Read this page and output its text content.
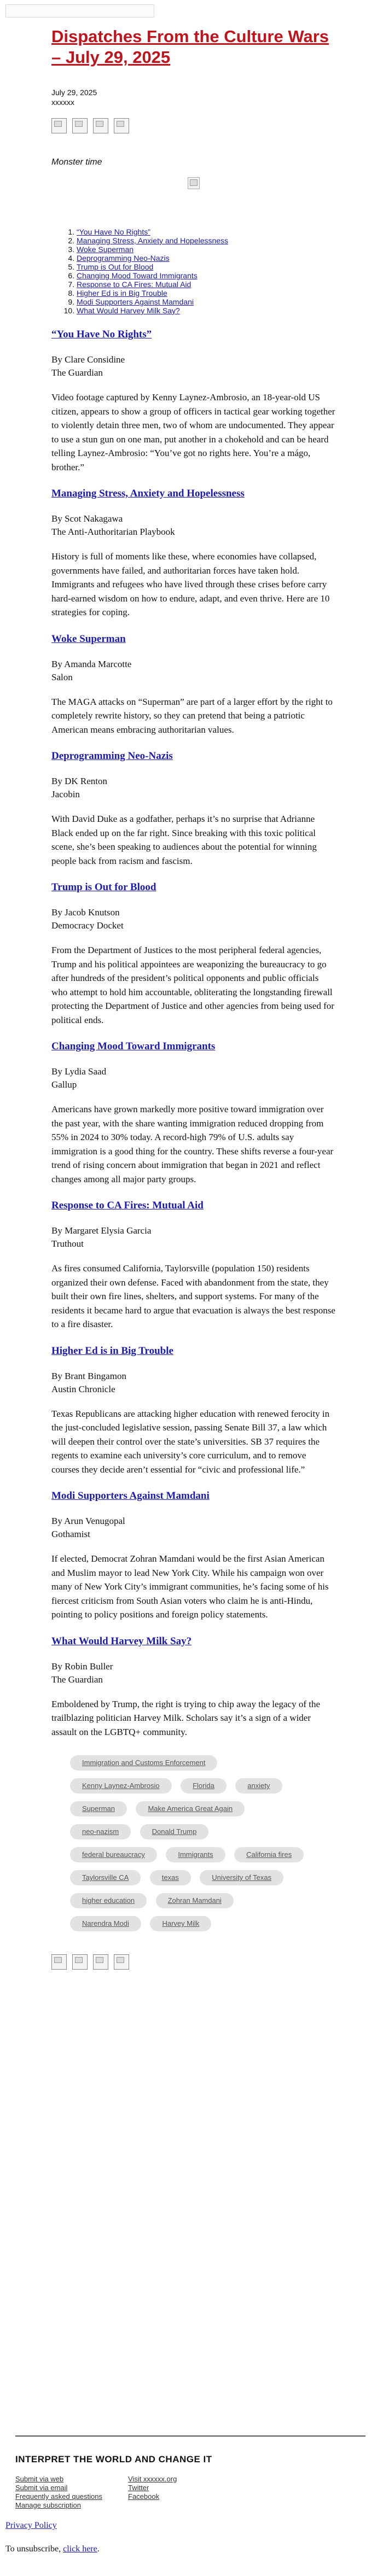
Dispatches From the Culture Wars – July 29, 2025
July 29, 2025
xxxxxx
Monster time
1. “You Have No Rights”
2. Managing Stress, Anxiety and Hopelessness
3. Woke Superman
4. Deprogramming Neo-Nazis
5. Trump is Out for Blood
6. Changing Mood Toward Immigrants
7. Response to CA Fires: Mutual Aid
8. Higher Ed is in Big Trouble
9. Modi Supporters Against Mamdani
10. What Would Harvey Milk Say?
“You Have No Rights”
By Clare Considine
The Guardian
Video footage captured by Kenny Laynez-Ambrosio, an 18-year-old US citizen, appears to show a group of officers in tactical gear working together to violently detain three men, two of whom are undocumented. They appear to use a stun gun on one man, put another in a chokehold and can be heard telling Laynez-Ambrosio: “You’ve got no rights here. You’re a mágo, brother.”
Managing Stress, Anxiety and Hopelessness
By Scot Nakagawa
The Anti-Authoritarian Playbook
History is full of moments like these, where economies have collapsed, governments have failed, and authoritarian forces have taken hold. Immigrants and refugees who have lived through these crises before carry hard-earned wisdom on how to endure, adapt, and even thrive. Here are 10 strategies for coping.
Woke Superman
By Amanda Marcotte
Salon
The MAGA attacks on “Superman” are part of a larger effort by the right to completely rewrite history, so they can pretend that being a patriotic American means embracing authoritarian values.
Deprogramming Neo-Nazis
By DK Renton
Jacobin
With David Duke as a godfather, perhaps it’s no surprise that Adrianne Black ended up on the far right. Since breaking with this toxic political scene, she’s been speaking to audiences about the potential for winning people back from racism and fascism.
Trump is Out for Blood
By Jacob Knutson
Democracy Docket
From the Department of Justices to the most peripheral federal agencies, Trump and his political appointees are weaponizing the bureaucracy to go after hundreds of the president’s political opponents and public officials who attempt to hold him accountable, obliterating the longstanding firewall protecting the Department of Justice and other agencies from being used for political ends.
Changing Mood Toward Immigrants
By Lydia Saad
Gallup
Americans have grown markedly more positive toward immigration over the past year, with the share wanting immigration reduced dropping from 55% in 2024 to 30% today. A record-high 79% of U.S. adults say immigration is a good thing for the country. These shifts reverse a four-year trend of rising concern about immigration that began in 2021 and reflect changes among all major party groups.
Response to CA Fires: Mutual Aid
By Margaret Elysia Garcia
Truthout
As fires consumed California, Taylorsville (population 150) residents organized their own defense. Faced with abandonment from the state, they built their own fire lines, shelters, and support systems. For many of the residents it became hard to argue that evacuation is always the best response to a fire disaster.
Higher Ed is in Big Trouble
By Brant Bingamon
Austin Chronicle
Texas Republicans are attacking higher education with renewed ferocity in the just-concluded legislative session, passing Senate Bill 37, a law which will deepen their control over the state’s universities. SB 37 requires the regents to examine each university’s core curriculum, and to remove courses they decide aren’t essential for “civic and professional life.”
Modi Supporters Against Mamdani
By Arun Venugopal
Gothamist
If elected, Democrat Zohran Mamdani would be the first Asian American and Muslim mayor to lead New York City. While his campaign won over many of New York City’s immigrant communities, he’s facing some of his fiercest criticism from South Asian voters who claim he is anti-Hindu, pointing to policy positions and foreign policy statements.
What Would Harvey Milk Say?
By Robin Buller
The Guardian
Emboldened by Trump, the right is trying to chip away the legacy of the trailblazing politician Harvey Milk. Scholars say it’s a sign of a wider assault on the LGBTQ+ community.
Immigration and Customs Enforcement Kenny Laynez-Ambrosio	Florida	anxiety Superman	Make America Great Again neo-nazism	Donald Trump federal bureaucracy	Immigrants	California fires Taylorsville CA	texas	University of Texas higher education	Zohran Mamdani Narendra Modi	Harvey Milk
INTERPRET THE WORLD AND CHANGE IT
Submit via web
Submit via email
Frequently asked questions
Manage subscription
Visit xxxxxx.org
Twitter
Facebook
Privacy Policy
To unsubscribe, click here.
